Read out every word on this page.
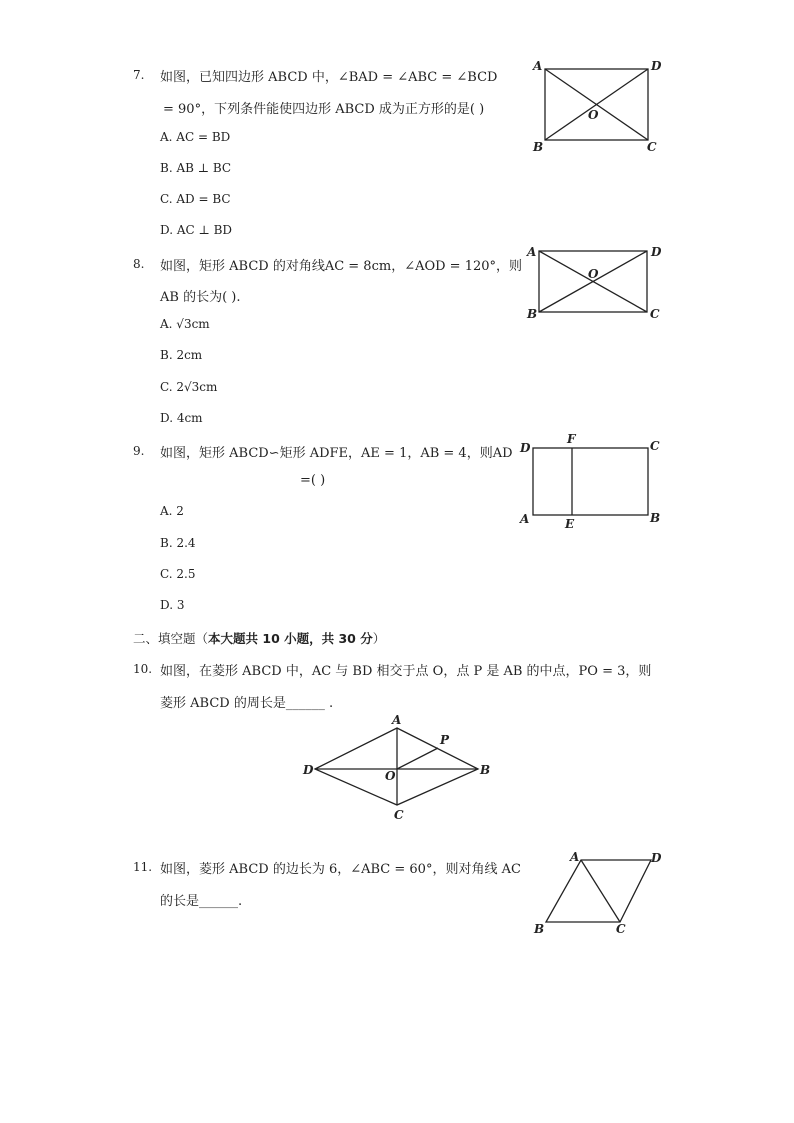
7. 如图，已知四边形 ABCD 中，∠BAD = ∠ABC = ∠BCD
= 90°，下列条件能使四边形 ABCD 成为正方形的是( )
A. AC = BD
B. AB ⊥ BC
C. AD = BC
D. AC ⊥ BD
A	D
B	C
O
8. 如图，矩形 ABCD 的对角线AC = 8cm，∠AOD = 120°，则
AB 的长为( ).
A. √3cm
B. 2cm
C. 2√3cm
D. 4cm
A	D
B	C
O
9. 如图，矩形 ABCD∽矩形 ADFE，AE = 1，AB = 4，则AD
=( )
A. 2
B. 2.4
C. 2.5
D. 3
D
F	C
A	E	B
二、填空题（本大题共 10 小题，共 30 分）
10. 如图，在菱形 ABCD 中，AC 与 BD 相交于点 O，点 P 是 AB 的中点，PO = 3，则
菱形 ABCD 的周长是______ .
A
P
D	O	B
C
11. 如图，菱形 ABCD 的边长为 6，∠ABC = 60°，则对角线 AC
的长是______.
A	D
B	C
